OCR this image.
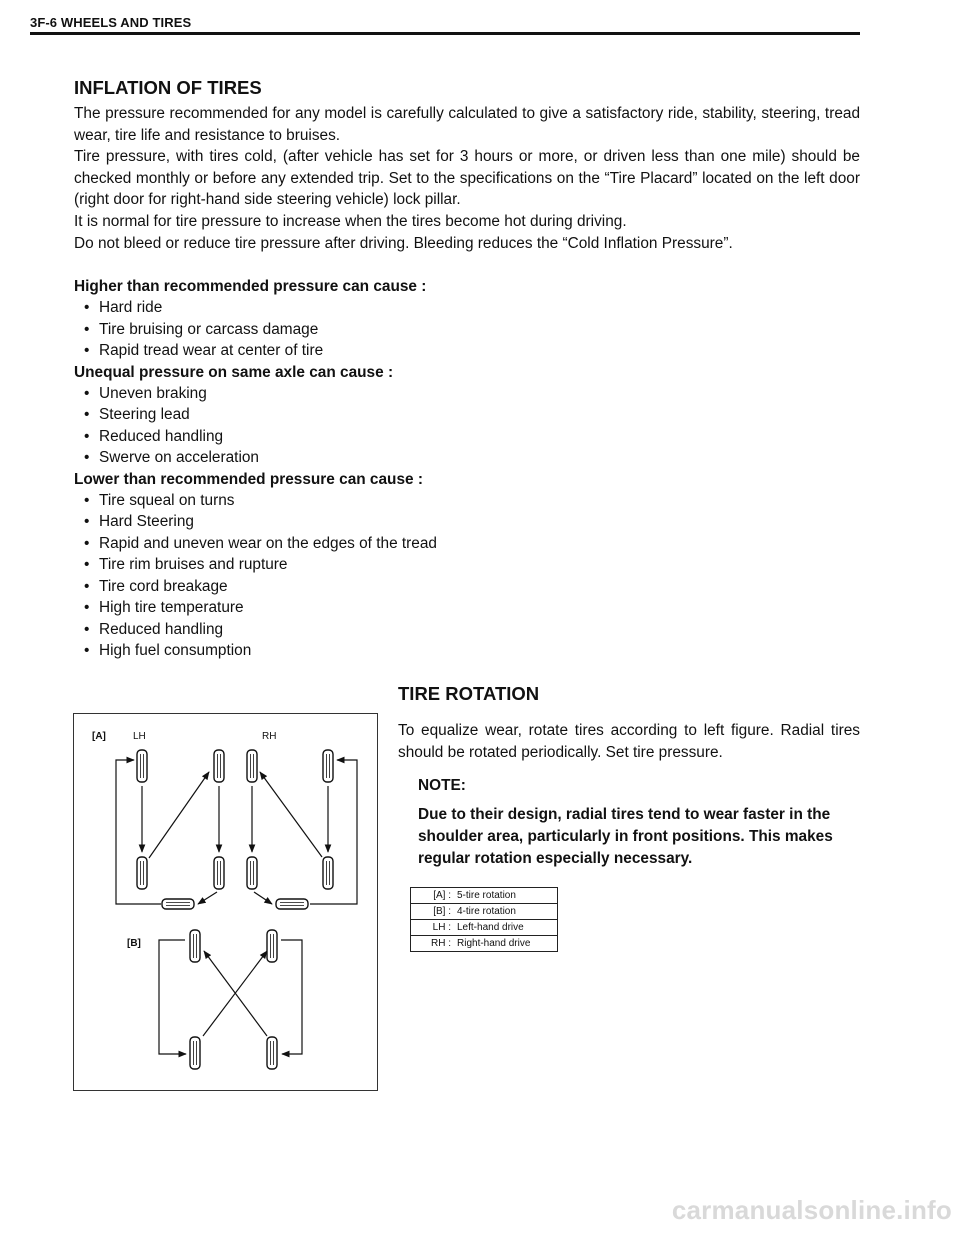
3F-6 WHEELS AND TIRES
INFLATION OF TIRES

The pressure recommended for any model is carefully calculated to give a satisfactory ride, stability, steering, tread wear, tire life and resistance to bruises.

Tire pressure, with tires cold, (after vehicle has set for 3 hours or more, or driven less than one mile) should be checked monthly or before any extended trip. Set to the specifications on the “Tire Placard” located on the left door (right door for right-hand side steering vehicle) lock pillar.

It is normal for tire pressure to increase when the tires become hot during driving.

Do not bleed or reduce tire pressure after driving. Bleeding reduces the “Cold Inflation Pressure”.

Higher than recommended pressure can cause :
• Hard ride
• Tire bruising or carcass damage
• Rapid tread wear at center of tire
Unequal pressure on same axle can cause :
• Uneven braking
• Steering lead
• Reduced handling
• Swerve on acceleration
Lower than recommended pressure can cause :
• Tire squeal on turns
• Hard Steering
• Rapid and uneven wear on the edges of the tread
• Tire rim bruises and rupture
• Tire cord breakage
• High tire temperature
• Reduced handling
• High fuel consumption
TIRE ROTATION
To equalize wear, rotate tires according to left figure. Radial tires should be rotated periodically. Set tire pressure.
NOTE:
Due to their design, radial tires tend to wear faster in the shoulder area, particularly in front positions. This makes regular rotation especially necessary.
[A] :	5-tire rotation
[B] :	4-tire rotation
LH :	Left-hand drive
RH :	Right-hand drive
[A]	LH	RH
[B]
carmanualsonline.info
